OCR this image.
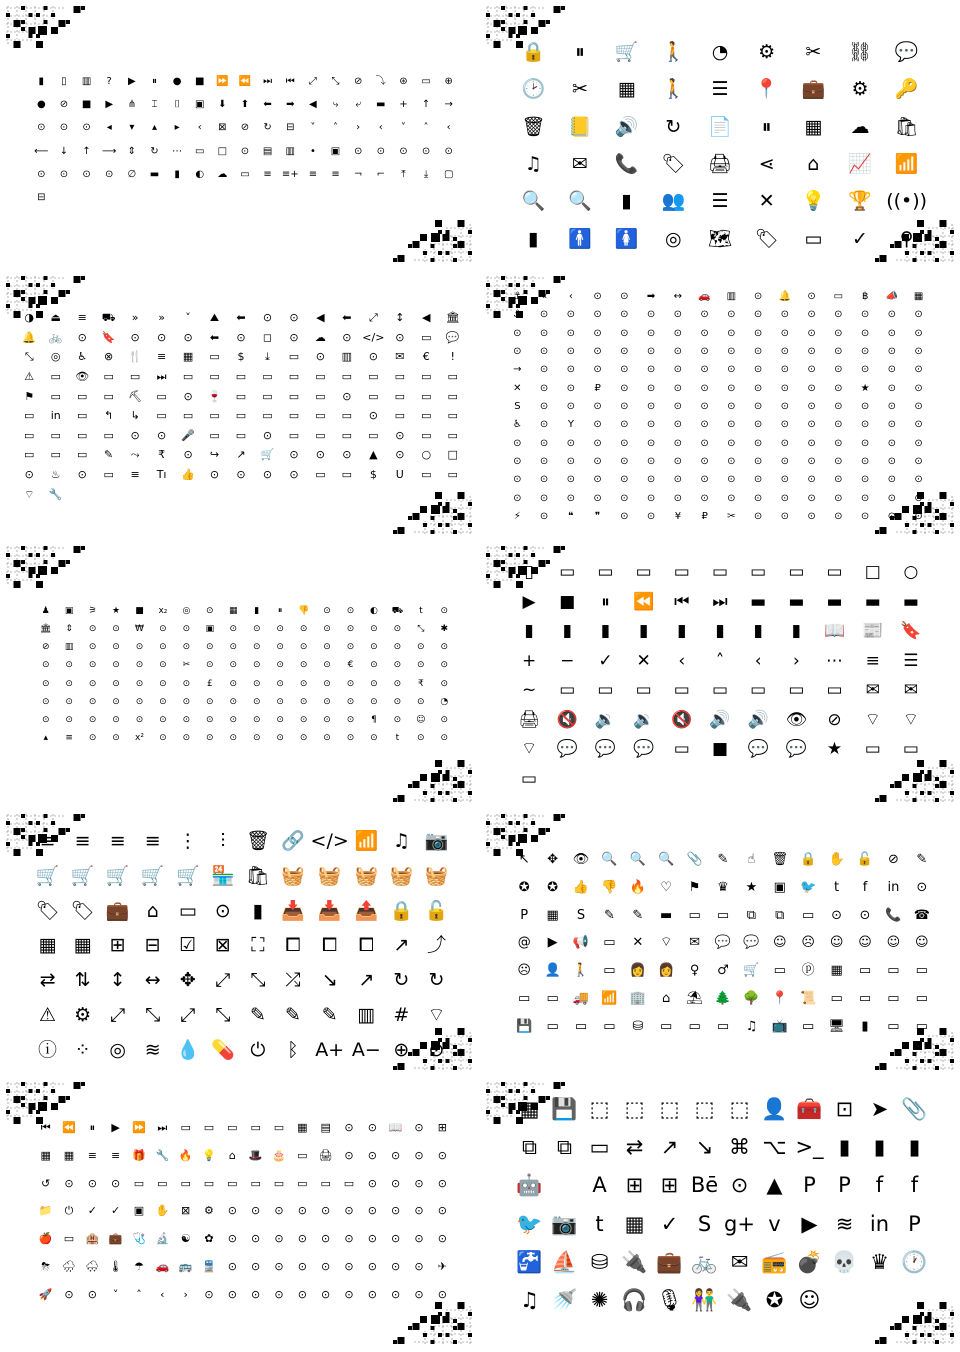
▮ ▯ ▥ ? ▶ ⏸ ● ■ ⏩ ⏪ ⏭ ⏮ ⤢ ⤡ ⊘ ⤵ ⊛ ▭ ⊕
● ⊘ ■ ▶ ⋔ ⌶ ⌷ ▣ ⬇ ⬆ ⬅ ➡ ◀ ⤷ ⤶ ▬ + ↑ →
⊙ ⊙ ⊙ ◂ ▾ ▴ ▸ ‹ ⊠ ⊘ ↻ ⊟ ˅ ˄ › ‹ ˅ ˄ ‹
⟵ ↓ ↑ ⟶ ⇕ ↻ ⋯ ▭ □ ⊙ ▤ ▥ • ▣ ⊙ ⊙ ⊙ ⊙ ⊙
⊙ ⊙ ⊙ ⊙ ∅ ▬ ▮ ◐ ☁ ▭ ≡ ≡+ ≡ ≡ ¬ ⌐ ⤒ ⤓ ▢
⊟
🔒 ⏸ 🛒 🚶 ◔ ⚙ ✂ ⛓ 💬
🕑 ✂ ▦ 🚶 ☰ 📍 💼 ⚙ 🔑
🗑 📒 🔊 ↻ 📄 ⏸ ▦ ☁ 🛍
♫ ✉ 📞 🏷 🖨 ⋖ ⌂ 📈 📶
🔍 🔍 ▮ 👥 ☰ ✕ 💡 🏆 ((•))
▮ 🚹 🚺 ◎ 🗺 🏷 ▭ ✓ ⚲
◑ ⏏ ≡ ⛟ » » ˅ ⛰ ⬅ ⊙ ⊙ ◀ ⬅ ⤢ ↕ ◀ 🏛
🔔 🚲 ⊙ 🔖 ⊙ ⊙ ⊙ ⬅ ⊙ ◻ ⊙ ☁ ⊙ </> ⊙ ▭ 💬
⤡ ◎ ♿ ⊗ 🍴 ≡ ▦ ▭ $ ⤓ ▭ ⊙ ▥ ⊙ ✉ € !
⚠ ▭ 👁 ▭ ▭ ⏭ ▭ ▭ ▭ ▭ ▭ ▭ ▭ ▭ ▭ ▭ ▭
⚑ ▭ ▭ ▭ ⛏ ▭ ⊙ 🍷 ▭ ▭ ▭ ▭ ⊙ ▭ ▭ ▭ ▭
▭ in ▭ ↰ ↳ ▭ ▭ ▭ ▭ ▭ ▭ ▭ ▭ ⊙ ▭ ▭ ▭
▭ ▭ ▭ ▭ ⊙ ⊙ 🎤 ▭ ▭ ⊙ ▭ ▭ ▭ ▭ ⊙ ▭ ▭
▭ ▭ ▭ ✎ ⤳ ₹ ⊙ ↪ ↗ 🛒 ⊙ ⊙ ⊙ ▲ ⊙ ○ □
⊙ ♨ ⊙ ▭ ≡ Tı 👍 ⊙ ⊙ ⊙ ⊙ ▭ ▭ $ U ▭ ▭
⌔ 🔧
⚓ « ‹ ⊙ ⊙ ➡ ↔ 🚗 ▥ ⊙ 🔔 ⊙ ▭ ฿ 📣 ▦
⚓ ⊙ ⊙ ⊙ ⊙ ⊙ ⊙ ⊙ ⊙ ⊙ ⊙ ⊙ ⊙ ⊙ ⊙ ⊙
⊙ ⊙ ⊙ ⊙ ⊙ ⊙ ⊙ ⊙ ⊙ ⊙ ⊙ ⊙ ⊙ ⊙ ⊙ ⊙
⊙ ⊙ ⊙ ⊙ ⊙ ⊙ ⊙ ⊙ ⊙ ⊙ ⊙ ⊙ ⊙ ⊙ ⊙ ⊙
→ ⊙ ⊙ ⊙ ⊙ ⊙ ⊙ ⊙ ⊙ ⊙ ⊙ ⊙ ⊙ ⊙ ⊙ ⊙
✕ ⊙ ⊙ ₽ ⊙ ⊙ ⊙ ⊙ ⊙ ⊙ ⊙ ⊙ ⊙ ★ ⊙ ⊙
S ⊙ ⊙ ⊙ ⊙ ⊙ ⊙ ⊙ ⊙ ⊙ ⊙ ⊙ ⊙ ⊙ ⊙ ⊙
♿ ⊙ Y ⊙ ⊙ ⊙ ⊙ ⊙ ⊙ ⊙ ⊙ ⊙ ⊙ ⊙ ⊙ ⊙
⊙ ⊙ ⊙ ⊙ ⊙ ⊙ ⊙ ⊙ ⊙ ⊙ ⊙ ⊙ ⊙ ⊙ ⊙ ⊙
⊙ ⊙ ⊙ ⊙ ⊙ ⊙ ⊙ ⊙ ⊙ ⊙ ⊙ ⊙ ⊙ ⊙ ⊙ ⊙
⊙ ⊙ ⊙ ⊙ ⊙ ⊙ ⊙ ⊙ ⊙ ⊙ ⊙ ⊙ ⊙ ⊙ ⊙ ⊙
⊙ ⊙ ⊙ ⊙ ⊙ ⊙ ⊙ ⊙ ⊙ ⊙ ⊙ ⊙ ⊙ ⊙ ⊙ ⊙
⚡ ⊙ ❝ ❞ ⊙ ⊙ ¥ ₽ ✂ ⊙ ⊙ ⊙ ⊙ ⊙ ⊙ ⊙
♟ ▣ ⚞ ★ ■ x₂ ◎ ⊙ ▦ ▮ ⏸ 👎 ⊙ ⊙ ◐ ⛟ t ⊙
🏛 ⇕ ⊙ ⊙ ₩ ⊙ ⊙ ▣ ⊙ ⊙ ⊙ ⊙ ⊙ ⊙ ⊙ ⊙ ⤡ ✱
⊘ ▥ ⊙ ⊙ ⊙ ⊙ ⊙ ⊙ ⊙ ⊙ ⊙ ⊙ ⊙ ⊙ ⊙ ⊙ ⊙ ⊙
⊙ ⊙ ⊙ ⊙ ⊙ ⊙ ✂ ⊙ ⊙ ⊙ ⊙ ⊙ ⊙ € ⊙ ⊙ ⊙ ⊙
⊙ ⊙ ⊙ ⊙ ⊙ ⊙ ⊙ £ ⊙ ⊙ ⊙ ⊙ ⊙ ⊙ ⊙ ⊙ ₹ ⊙
⊙ ⊙ ⊙ ⊙ ⊙ ⊙ ⊙ ⊙ ⊙ ⊙ ⊙ ⊙ ⊙ ⊙ ⊙ ⊙ ⊙ ◔
⊙ ⊙ ⊙ ⊙ ⊙ ⊙ ⊙ ⊙ ⊙ ⊙ ⊙ ⊙ ⊙ ⊙ ¶ ⊙ ☺ ⊙
▴ ≡ ⊙ ⊙ x² ⊙ ⊙ ⊙ ⊙ ⊙ ⊙ ⊙ ⊙ ⊙ ⊙ t ⊙ ⊙
▯ ▭ ▭ ▭ ▭ ▭ ▭ ▭ ▭ □ ○
▶ ■ ⏸ ⏪ ⏮ ⏭ ▬ ▬ ▬ ▬ ▬
▮ ▮ ▮ ▮ ▮ ▮ ▮ ▮ 📖 📰 🔖
+ − ✓ ✕ ‹ ˄ ‹ › ⋯ ≡ ☰
~ ▭ ▭ ▭ ▭ ▭ ▭ ▭ ▭ ✉ ✉
🖨 🔇 🔉 🔉 🔇 🔊 🔊 👁 ⊘ ⌔ ⌔
⌔ 💬 💬 💬 ▭ ■ 💬 💬 ★ ▭ ▭
▭
≡ ≡ ≡ ≡ ⋮ ⫶ 🗑 🔗 </> 📶 ♫ 📷
🛒 🛒 🛒 🛒 🛒 🏪 🛍 🧺 🧺 🧺 🧺 🧺
🏷 🏷 💼 ⌂ ▭ ⊙ ▮ 📥 📥 📤 🔒 🔓
▦ ▦ ⊞ ⊟ ☑ ⊠ ⛶ ⧠ ⧠ ⧠ ↗ ⤴
⇄ ⇅ ↕ ↔ ✥ ⤢ ⤡ ⤮ ↘ ↗ ↻ ↻
⚠ ⚙ ⤢ ⤡ ⤢ ⤡ ✎ ✎ ✎ ▥ # ⌔
ⓘ ⁘ ◎ ≋ 💧 💊 ⏻ ᛒ A+ A− ⊕ ⊙
↖ ✥ 👁 🔍 🔍 🔍 📎 ✎ ☝ 🗑 🔒 ✋ 🔓 ⊘ ✎
✪ ✪ 👍 👎 🔥 ♡ ⚑ ♛ ★ ▣ 🐦 t f in ⊙
P ▦ S ✎ ✎ ▬ ▭ ▭ ⧉ ⧉ ▭ ⊙ ⊙ 📞 ☎
@ ▶ 📢 ▭ ✕ ⌔ ✉ 💬 💬 ☺ ☹ ☺ ☺ ☺ ☺
☹ 👤 🚶 ▭ 👩 👩 ♀ ♂ 🛒 ▭ ⓟ ▦ ▭ ▭ ▭
▭ ▭ 🚚 📶 🏢 ⌂ ⛱ 🌲 🌳 📍 📜 ▭ ▭ ▭ ▭
💾 ▭ ▭ ▭ ⛁ ▭ ▭ ▭ ♫ 📺 ▭ 🖥 ▮ ▭ ▭
⏮ ⏪ ⏸ ▶ ⏩ ⏭ ▭ ▭ ▭ ▭ ▭ ▦ ▤ ⊙ ⊙ 📖 ⊙ ⊞
▦ ▦ ≡ ≡ 🎁 🔧 🔥 💡 ⌂ 🎩 🎂 ▭ 🖨 ⊙ ⊙ ⊙ ⊙ ⊙
↺ ⊙ ⊙ ⊙ ▭ ▭ ▭ ▭ ▭ ▭ ▭ ▭ ▭ ▭ ⊙ ⊙ ⊙ ⊙
📁 ⏻ ✓ ✓ ▣ ✋ ⊠ ⚙ ⊙ ⊙ ⊙ ⊙ ⊙ ⊙ ⊙ ⊙ ⊙ ⊙
🍎 ▭ 🏨 💼 🩺 🔬 ☯ ✿ ⊙ ⊙ ⊙ ⊙ ⊙ ⊙ ⊙ ⊙ ⊙ ⊙
⛈ 🌧 🌨 🌡 ☂ 🚗 🚌 🚆 ⊙ ⊙ ⊙ ⊙ ⊙ ⊙ ⊙ ⊙ ⊙ ✈
🚀 ⊙ ⊙ ˅ ˄ ‹ › ⊙ ⊙ ⊙ ⊙ ⊙ ⊙ ⊙ ⊙ ⊙ ⊙ ⊙
▦ 💾 ⬚ ⬚ ⬚ ⬚ ⬚ 👤 🧰 ⊡ ➤ 📎
⧉ ⧉ ▭ ⇄ ↗ ↘ ⌘ ⌥ >_ ▮ ▮ ▮
🤖 A ⊞ ⊞ Bē ⊙ ▲ P P f f
🐦 📷 t ▦ ✓ S g+ v ▶ ≋ in P
🚰 ⛵ ⛁ 🔌 💼 🚲 ✉ 📻 💣 💀 ♛ 🕐
♫ 🚿 ✺ 🎧 🎙 👫 🔌 ✪ ☺
